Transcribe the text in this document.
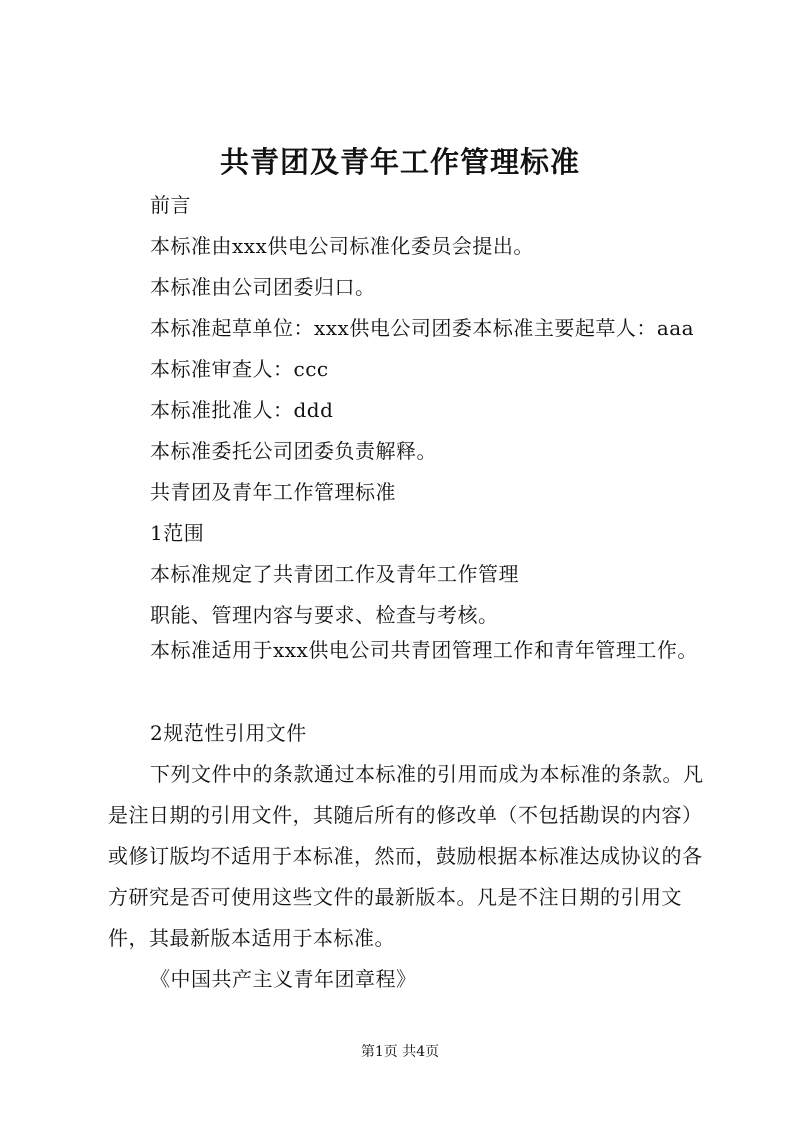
共青团及青年工作管理标准
前言
本标准由xxx供电公司标准化委员会提出。
本标准由公司团委归口。
本标准起草单位：xxx供电公司团委本标准主要起草人：aaa
本标准审查人：ccc
本标准批准人：ddd
本标准委托公司团委负责解释。
共青团及青年工作管理标准
1范围
本标准规定了共青团工作及青年工作管理
职能、管理内容与要求、检查与考核。
本标准适用于xxx供电公司共青团管理工作和青年管理工作。
2规范性引用文件
下列文件中的条款通过本标准的引用而成为本标准的条款。凡是注日期的引用文件，其随后所有的修改单（不包括勘误的内容）或修订版均不适用于本标准，然而，鼓励根据本标准达成协议的各方研究是否可使用这些文件的最新版本。凡是不注日期的引用文件，其最新版本适用于本标准。
《中国共产主义青年团章程》
第1页 共4页
